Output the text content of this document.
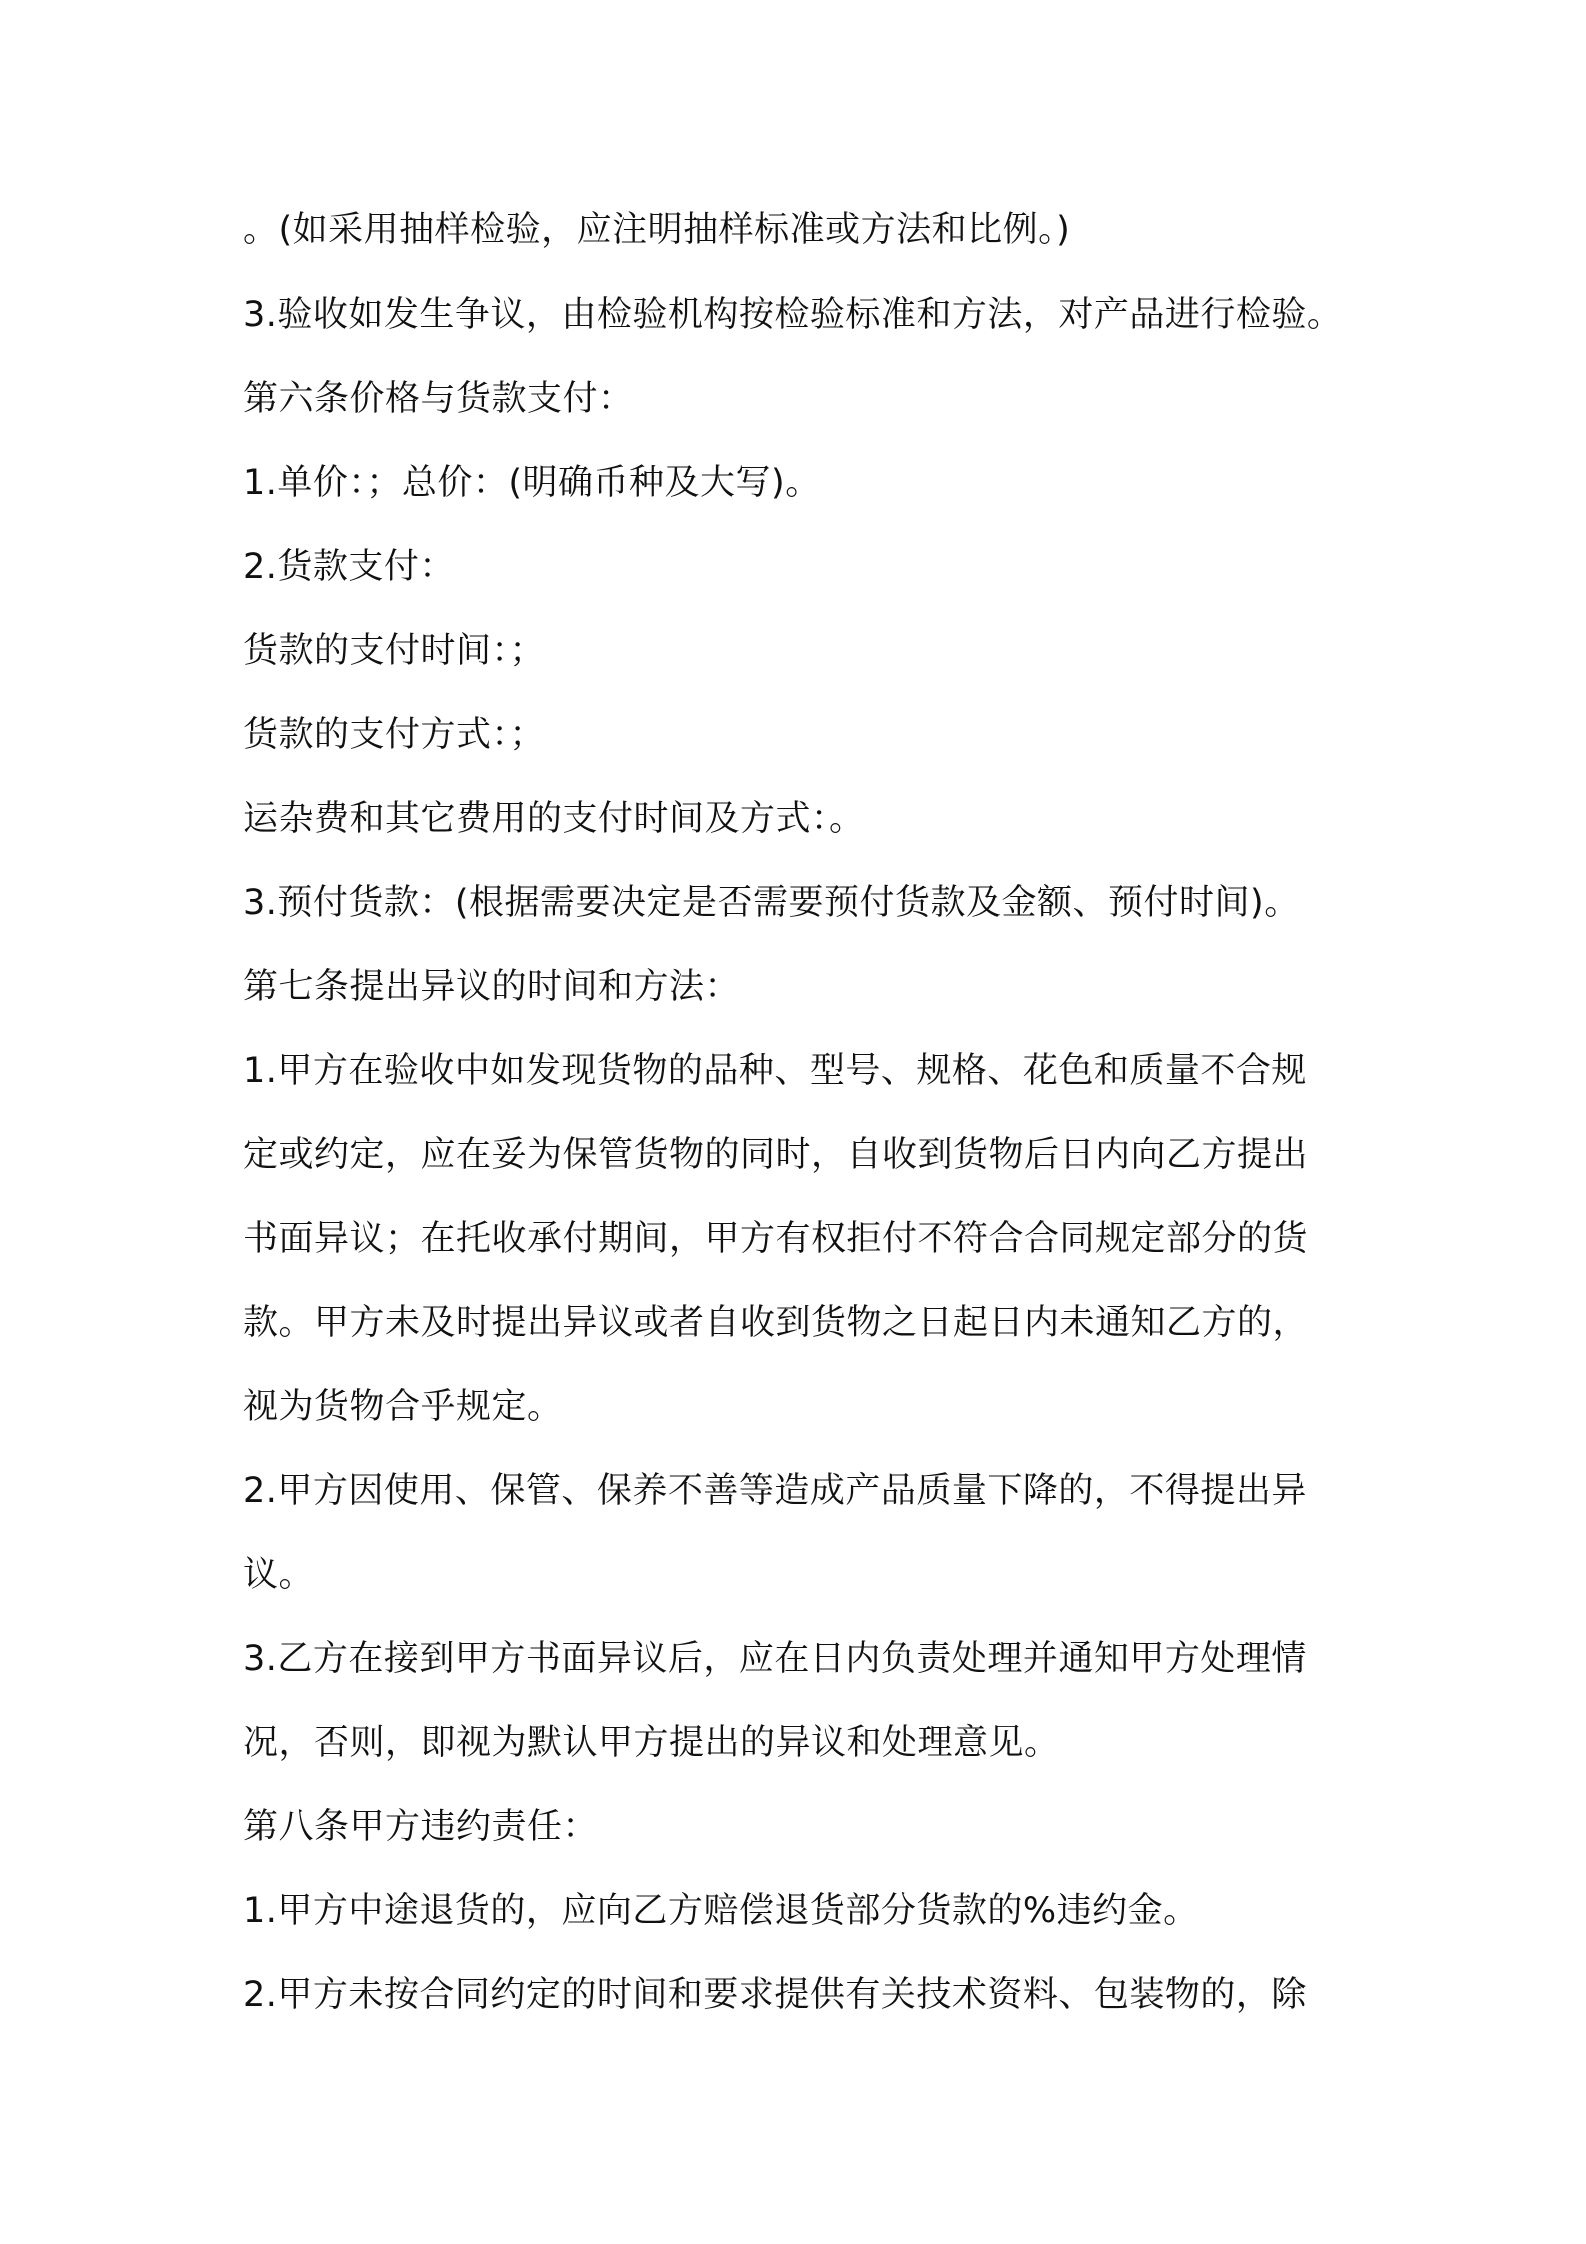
。(如采用抽样检验，应注明抽样标准或方法和比例。)
3.验收如发生争议，由检验机构按检验标准和方法，对产品进行检验。
第六条价格与货款支付：
1.单价：；总价：(明确币种及大写)。
2.货款支付：
货款的支付时间：；
货款的支付方式：；
运杂费和其它费用的支付时间及方式：。
3.预付货款：(根据需要决定是否需要预付货款及金额、预付时间)。
第七条提出异议的时间和方法：
1.甲方在验收中如发现货物的品种、型号、规格、花色和质量不合规
定或约定，应在妥为保管货物的同时，自收到货物后日内向乙方提出
书面异议；在托收承付期间，甲方有权拒付不符合合同规定部分的货
款。甲方未及时提出异议或者自收到货物之日起日内未通知乙方的，
视为货物合乎规定。
2.甲方因使用、保管、保养不善等造成产品质量下降的，不得提出异
议。
3.乙方在接到甲方书面异议后，应在日内负责处理并通知甲方处理情
况，否则，即视为默认甲方提出的异议和处理意见。
第八条甲方违约责任：
1.甲方中途退货的，应向乙方赔偿退货部分货款的%违约金。
2.甲方未按合同约定的时间和要求提供有关技术资料、包装物的，除
